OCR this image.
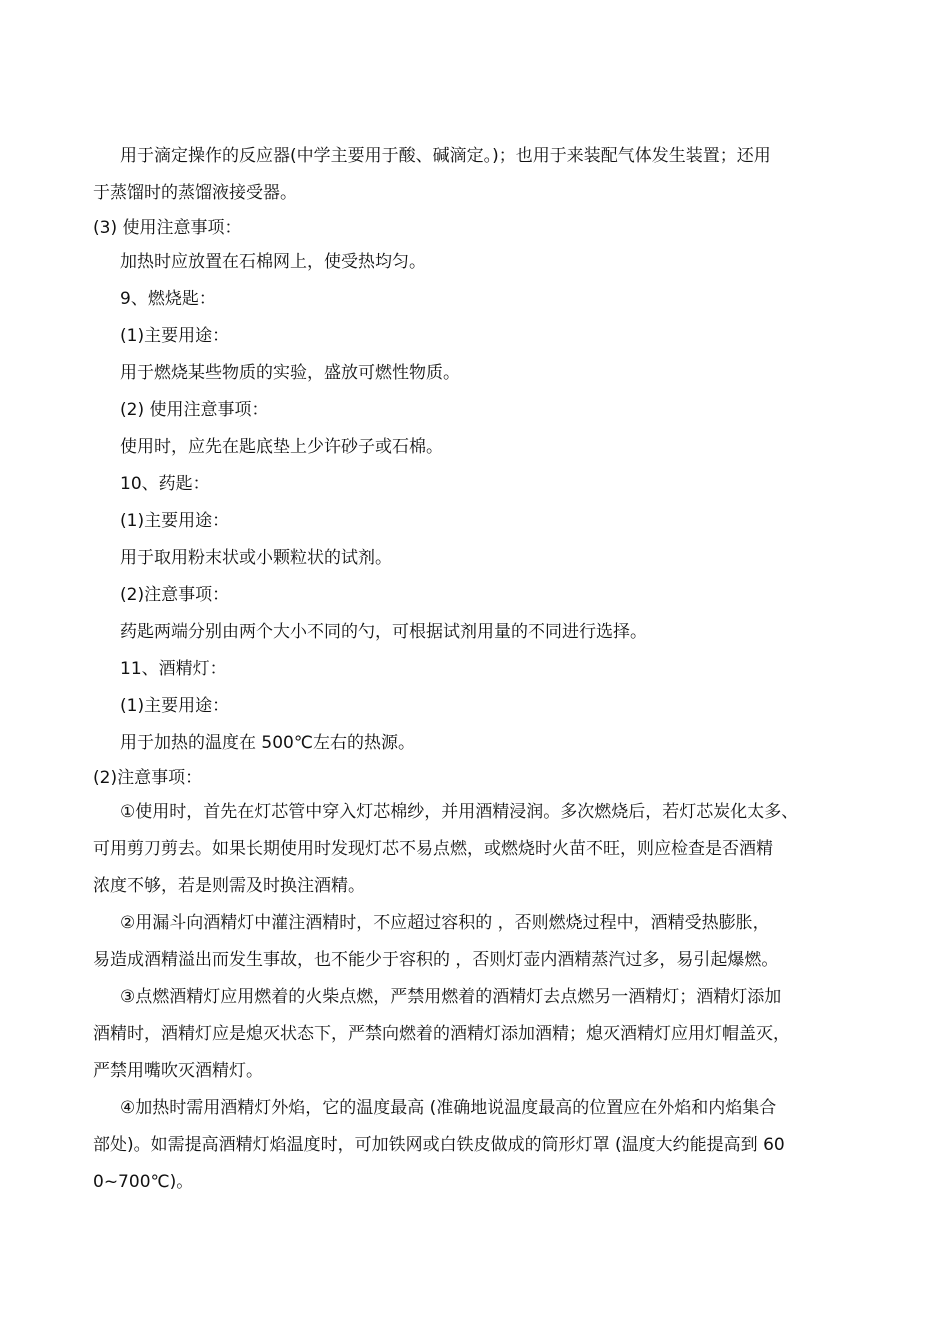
用于滴定操作的反应器(中学主要用于酸、碱滴定。)；也用于来装配气体发生装置；还用
于蒸馏时的蒸馏液接受器。
(3) 使用注意事项：
加热时应放置在石棉网上，使受热均匀。
9、燃烧匙：
(1)主要用途：
用于燃烧某些物质的实验，盛放可燃性物质。
(2) 使用注意事项：
使用时，应先在匙底垫上少许砂子或石棉。
10、药匙：
(1)主要用途：
用于取用粉末状或小颗粒状的试剂。
(2)注意事项：
药匙两端分别由两个大小不同的勺，可根据试剂用量的不同进行选择。
11、酒精灯：
(1)主要用途：
用于加热的温度在 500℃左右的热源。
(2)注意事项：
①使用时，首先在灯芯管中穿入灯芯棉纱，并用酒精浸润。多次燃烧后，若灯芯炭化太多、
可用剪刀剪去。如果长期使用时发现灯芯不易点燃，或燃烧时火苗不旺，则应检查是否酒精
浓度不够，若是则需及时换注酒精。
②用漏斗向酒精灯中灌注酒精时，不应超过容积的 ，否则燃烧过程中，酒精受热膨胀，
易造成酒精溢出而发生事故，也不能少于容积的 ，否则灯壶内酒精蒸汽过多，易引起爆燃。
③点燃酒精灯应用燃着的火柴点燃，严禁用燃着的酒精灯去点燃另一酒精灯；酒精灯添加
酒精时，酒精灯应是熄灭状态下，严禁向燃着的酒精灯添加酒精；熄灭酒精灯应用灯帽盖灭，
严禁用嘴吹灭酒精灯。
④加热时需用酒精灯外焰，它的温度最高 (准确地说温度最高的位置应在外焰和内焰集合
部处)。如需提高酒精灯焰温度时，可加铁网或白铁皮做成的筒形灯罩 (温度大约能提高到 60
0~700℃)。
